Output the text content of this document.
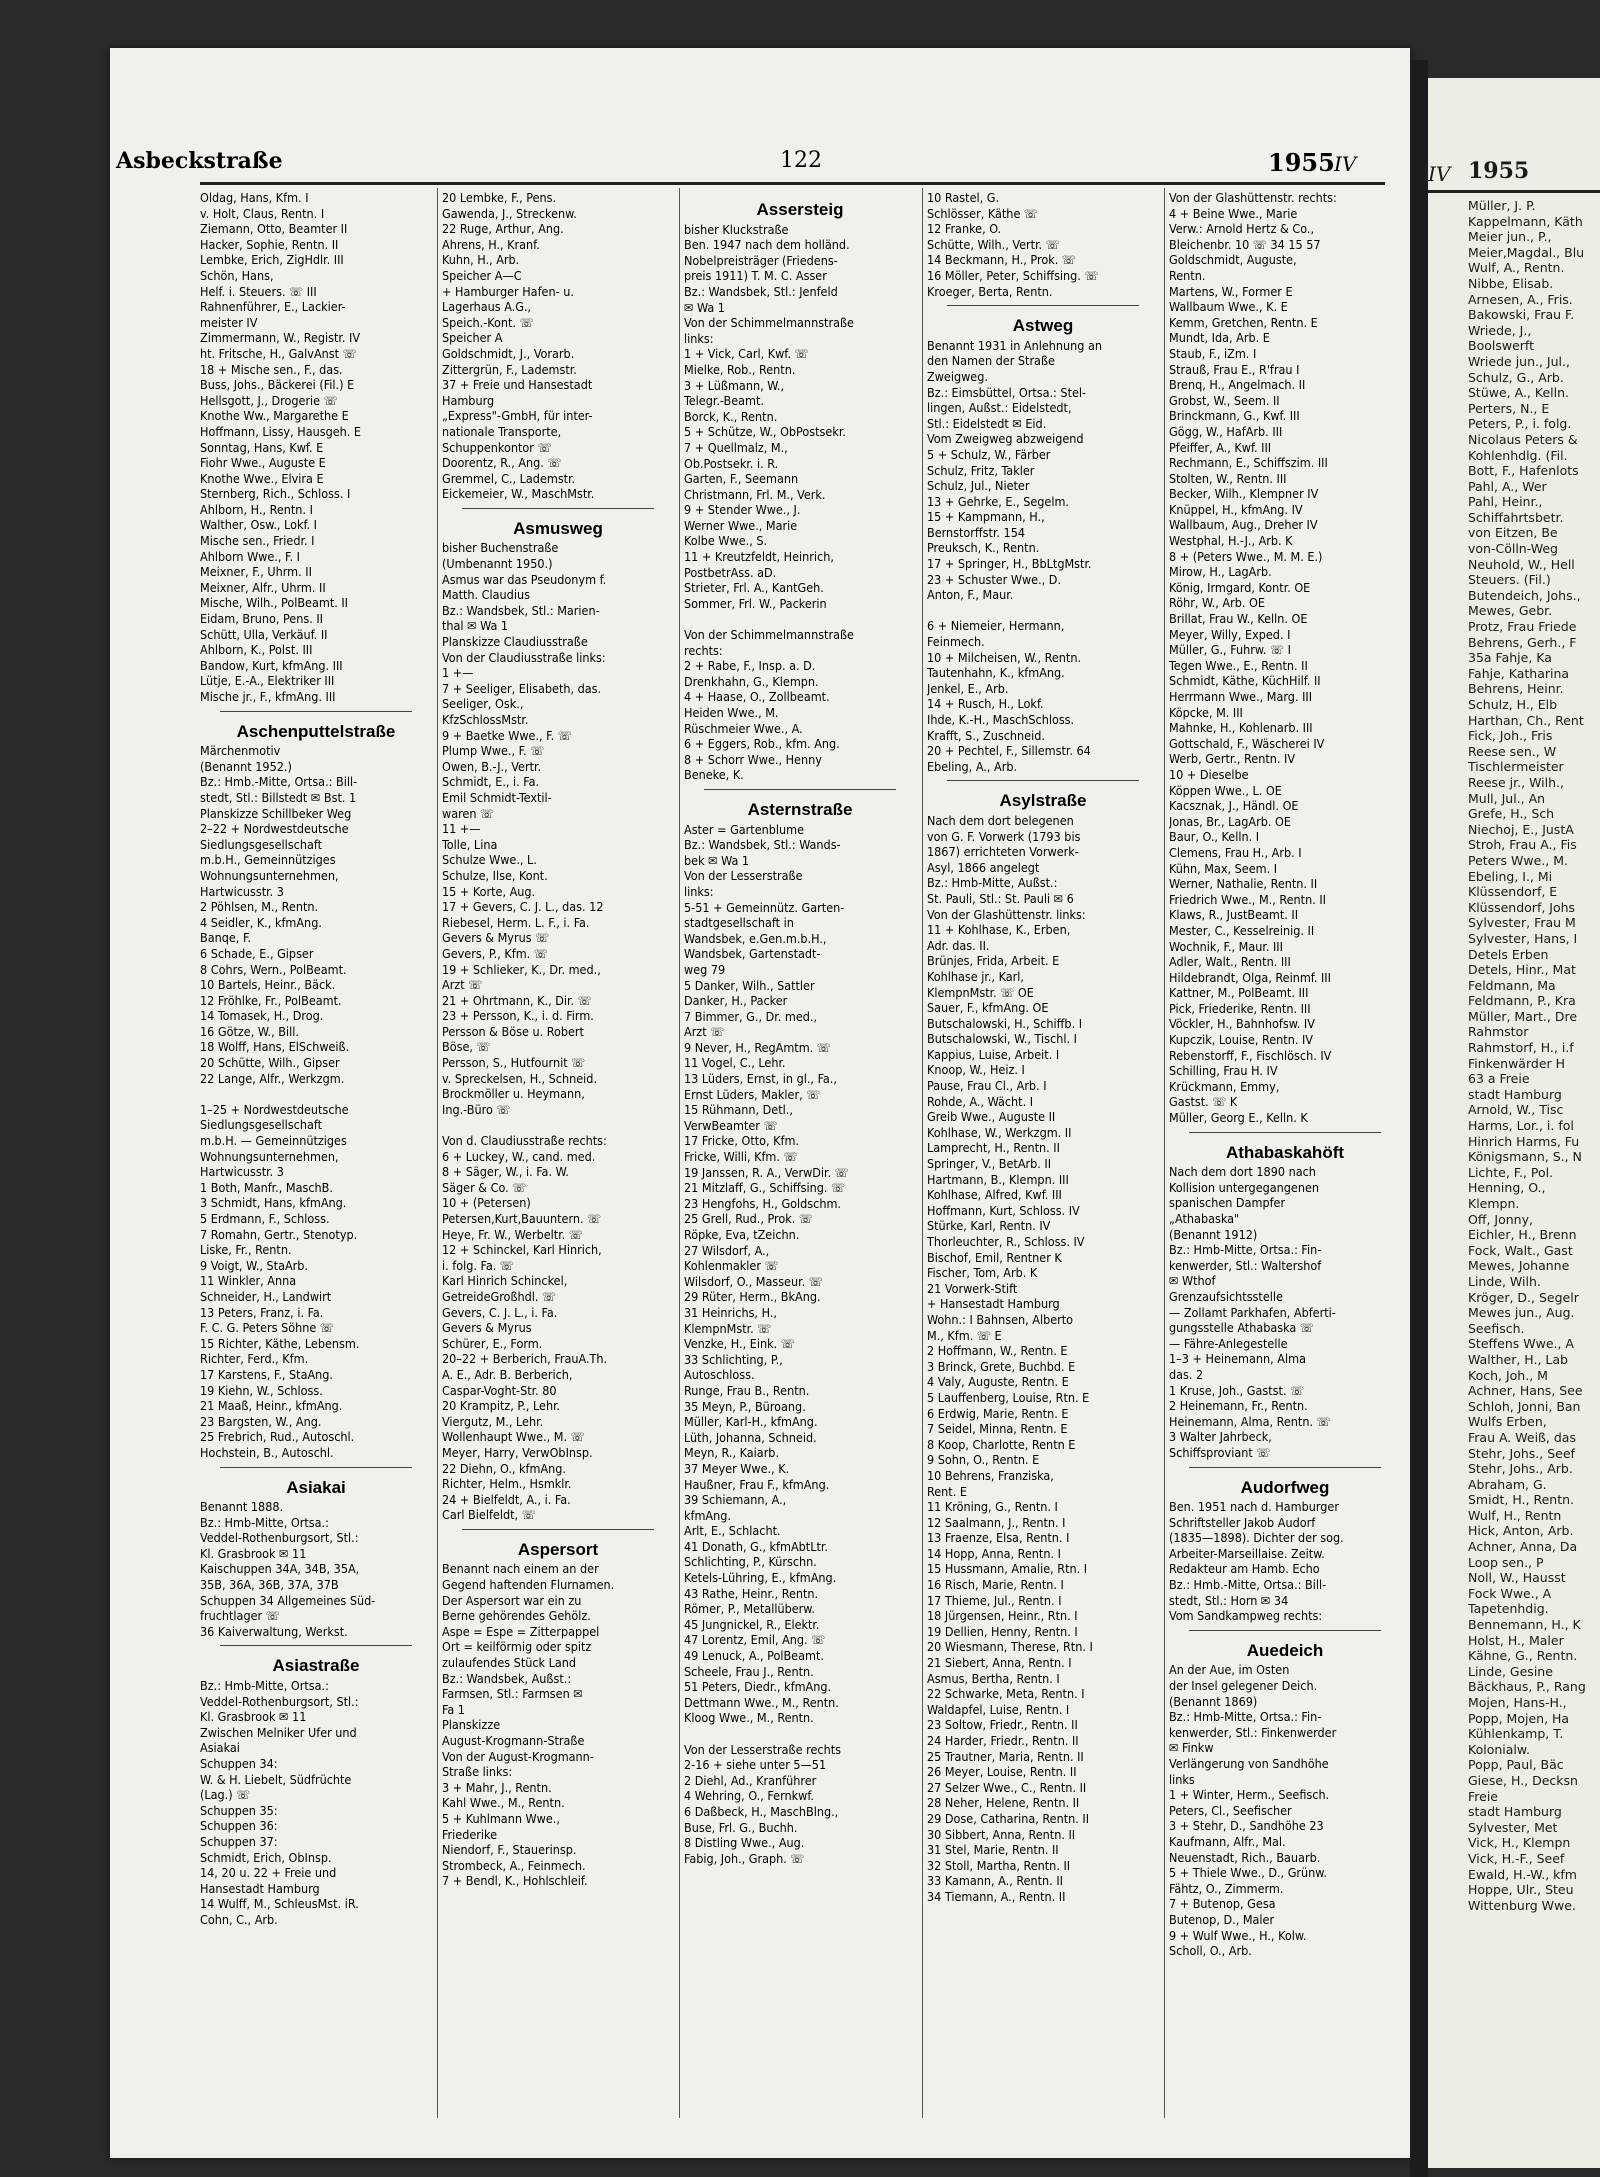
Asbeckstraße	122	1955 IV
Oldag, Hans, Kfm. I
v. Holt, Claus, Rentn. I
Ziemann, Otto, Beamter II
Hacker, Sophie, Rentn. II
Lembke, Erich, ZigHdlr. III
Schön, Hans,
Helf. i. Steuers. ☏ III
Rahnenführer, E., Lackier-
meister IV
Zimmermann, W., Registr. IV
ht. Fritsche, H., GalvAnst ☏
18 + Mische sen., F., das.
Buss, Johs., Bäckerei (Fil.) E
Hellsgott, J., Drogerie ☏
Knothe Ww., Margarethe E
Hoffmann, Lissy, Hausgeh. E
Sonntag, Hans, Kwf. E
Fiohr Wwe., Auguste E
Knothe Wwe., Elvira E
Sternberg, Rich., Schloss. I
Ahlborn, H., Rentn. I
Walther, Osw., Lokf. I
Mische sen., Friedr. I
Ahlborn Wwe., F. I
Meixner, F., Uhrm. II
Meixner, Alfr., Uhrm. II
Mische, Wilh., PolBeamt. II
Eidam, Bruno, Pens. II
Schütt, Ulla, Verkäuf. II
Ahlborn, K., Polst. III
Bandow, Kurt, kfmAng. III
Lütje, E.-A., Elektriker III
Mische jr., F., kfmAng. III
Aschenputtelstraße
Märchenmotiv
(Benannt 1952.)
Bz.: Hmb.-Mitte, Ortsa.: Bill-
stedt, Stl.: Billstedt ✉ Bst. 1
Planskizze Schillbeker Weg
2–22 + Nordwestdeutsche
Siedlungsgesellschaft
m.b.H., Gemeinnütziges
Wohnungsunternehmen,
Hartwicusstr. 3
2 Pöhlsen, M., Rentn.
4 Seidler, K., kfmAng.
Banqe, F.
6 Schade, E., Gipser
8 Cohrs, Wern., PolBeamt.
10 Bartels, Heinr., Bäck.
12 Fröhlke, Fr., PolBeamt.
14 Tomasek, H., Drog.
16 Götze, W., Bill.
18 Wolff, Hans, ElSchweiß.
20 Schütte, Wilh., Gipser
22 Lange, Alfr., Werkzgm.

1–25 + Nordwestdeutsche
Siedlungsgesellschaft
m.b.H. — Gemeinnütziges
Wohnungsunternehmen,
Hartwicusstr. 3
1 Both, Manfr., MaschB.
3 Schmidt, Hans, kfmAng.
5 Erdmann, F., Schloss.
7 Romahn, Gertr., Stenotyp.
Liske, Fr., Rentn.
9 Voigt, W., StaArb.
11 Winkler, Anna
Schneider, H., Landwirt
13 Peters, Franz, i. Fa.
F. C. G. Peters Söhne ☏
15 Richter, Käthe, Lebensm.
Richter, Ferd., Kfm.
17 Karstens, F., StaAng.
19 Kiehn, W., Schloss.
21 Maaß, Heinr., kfmAng.
23 Bargsten, W., Ang.
25 Frebrich, Rud., Autoschl.
Hochstein, B., Autoschl.
Asiakai
Benannt 1888.
Bz.: Hmb-Mitte, Ortsa.:
Veddel-Rothenburgsort, Stl.:
Kl. Grasbrook ✉ 11
Kaischuppen 34A, 34B, 35A,
35B, 36A, 36B, 37A, 37B
Schuppen 34 Allgemeines Süd-
fruchtlager ☏
36 Kaiverwaltung, Werkst.
Asiastraße
Bz.: Hmb-Mitte, Ortsa.:
Veddel-Rothenburgsort, Stl.:
Kl. Grasbrook ✉ 11
Zwischen Melniker Ufer und
Asiakai
Schuppen 34:
W. & H. Liebelt, Südfrüchte
(Lag.) ☏
Schuppen 35:
Schuppen 36:
Schuppen 37:
Schmidt, Erich, ObInsp.
14, 20 u. 22 + Freie und
Hansestadt Hamburg
14 Wulff, M., SchleusMst. iR.
Cohn, C., Arb.
20 Lembke, F., Pens.
Gawenda, J., Streckenw.
22 Ruge, Arthur, Ang.
Ahrens, H., Kranf.
Kuhn, H., Arb.
Speicher A—C
+ Hamburger Hafen- u.
Lagerhaus A.G.,
Speich.-Kont. ☏
Speicher A
Goldschmidt, J., Vorarb.
Zittergrün, F., Lademstr.
37 + Freie und Hansestadt
Hamburg
„Express"-GmbH, für inter-
nationale Transporte,
Schuppenkontor ☏
Doorentz, R., Ang. ☏
Gremmel, C., Lademstr.
Eickemeier, W., MaschMstr.
Asmusweg
bisher Buchenstraße
(Umbenannt 1950.)
Asmus war das Pseudonym f.
Matth. Claudius
Bz.: Wandsbek, Stl.: Marien-
thal ✉ Wa 1
Planskizze Claudiusstraße
Von der Claudiusstraße links:
1 +—
7 + Seeliger, Elisabeth, das.
Seeliger, Osk.,
KfzSchlossMstr.
9 + Baetke Wwe., F. ☏
Plump Wwe., F. ☏
Owen, B.-J., Vertr.
Schmidt, E., i. Fa.
Emil Schmidt-Textil-
waren ☏
11 +—
Tolle, Lina
Schulze Wwe., L.
Schulze, Ilse, Kont.
15 + Korte, Aug.
17 + Gevers, C. J. L., das. 12
Riebesel, Herm. L. F., i. Fa.
Gevers & Myrus ☏
Gevers, P., Kfm. ☏
19 + Schlieker, K., Dr. med.,
Arzt ☏
21 + Ohrtmann, K., Dir. ☏
23 + Persson, K., i. d. Firm.
Persson & Böse u. Robert
Böse, ☏
Persson, S., Hutfournit ☏
v. Spreckelsen, H., Schneid.
Brockmöller u. Heymann,
Ing.-Büro ☏

Von d. Claudiusstraße rechts:
6 + Luckey, W., cand. med.
8 + Säger, W., i. Fa. W.
Säger & Co. ☏
10 + (Petersen)
Petersen,Kurt,Bauuntern. ☏
Heye, Fr. W., Werbeltr. ☏
12 + Schinckel, Karl Hinrich,
i. folg. Fa. ☏
Karl Hinrich Schinckel,
GetreideGroßhdl. ☏
Gevers, C. J. L., i. Fa.
Gevers & Myrus
Schürer, E., Form.
20–22 + Berberich, FrauA.Th.
A. E., Adr. B. Berberich,
Caspar-Voght-Str. 80
20 Krampitz, P., Lehr.
Viergutz, M., Lehr.
Wollenhaupt Wwe., M. ☏
Meyer, Harry, VerwObInsp.
22 Diehn, O., kfmAng.
Richter, Helm., Hsmklr.
24 + Bielfeldt, A., i. Fa.
Carl Bielfeldt, ☏
Aspersort
Benannt nach einem an der
Gegend haftenden Flurnamen.
Der Aspersort war ein zu
Berne gehörendes Gehölz.
Aspe = Espe = Zitterpappel
Ort = keilförmig oder spitz
zulaufendes Stück Land
Bz.: Wandsbek, Außst.:
Farmsen, Stl.: Farmsen ✉
Fa 1
Planskizze
August-Krogmann-Straße
Von der August-Krogmann-
Straße links:
3 + Mahr, J., Rentn.
Kahl Wwe., M., Rentn.
5 + Kuhlmann Wwe.,
Friederike
Niendorf, F., Stauerinsp.
Strombeck, A., Feinmech.
7 + Bendl, K., Hohlschleif.
Assersteig
bisher Kluckstraße
Ben. 1947 nach dem holländ.
Nobelpreisträger (Friedens-
preis 1911) T. M. C. Asser
Bz.: Wandsbek, Stl.: Jenfeld
✉ Wa 1
Von der Schimmelmannstraße
links:
1 + Vick, Carl, Kwf. ☏
Mielke, Rob., Rentn.
3 + Lüßmann, W.,
Telegr.-Beamt.
Borck, K., Rentn.
5 + Schütze, W., ObPostsekr.
7 + Quellmalz, M.,
Ob.Postsekr. i. R.
Garten, F., Seemann
Christmann, Frl. M., Verk.
9 + Stender Wwe., J.
Werner Wwe., Marie
Kolbe Wwe., S.
11 + Kreutzfeldt, Heinrich,
PostbetrAss. aD.
Strieter, Frl. A., KantGeh.
Sommer, Frl. W., Packerin

Von der Schimmelmannstraße
rechts:
2 + Rabe, F., Insp. a. D.
Drenkhahn, G., Klempn.
4 + Haase, O., Zollbeamt.
Heiden Wwe., M.
Rüschmeier Wwe., A.
6 + Eggers, Rob., kfm. Ang.
8 + Schorr Wwe., Henny
Beneke, K.
Asternstraße
Aster = Gartenblume
Bz.: Wandsbek, Stl.: Wands-
bek ✉ Wa 1
Von der Lesserstraße
links:
5-51 + Gemeinnütz. Garten-
stadtgesellschaft in
Wandsbek, e.Gen.m.b.H.,
Wandsbek, Gartenstadt-
weg 79
5 Danker, Wilh., Sattler
Danker, H., Packer
7 Bimmer, G., Dr. med.,
Arzt ☏
9 Never, H., RegAmtm. ☏
11 Vogel, C., Lehr.
13 Lüders, Ernst, in gl., Fa.,
Ernst Lüders, Makler, ☏
15 Rühmann, Detl.,
VerwBeamter ☏
17 Fricke, Otto, Kfm.
Fricke, Willi, Kfm. ☏
19 Janssen, R. A., VerwDir. ☏
21 Mitzlaff, G., Schiffsing. ☏
23 Hengfohs, H., Goldschm.
25 Grell, Rud., Prok. ☏
Röpke, Eva, tZeichn.
27 Wilsdorf, A.,
Kohlenmakler ☏
Wilsdorf, O., Masseur. ☏
29 Rüter, Herm., BkAng.
31 Heinrichs, H.,
KlempnMstr. ☏
Venzke, H., Eink. ☏
33 Schlichting, P.,
Autoschloss.
Runge, Frau B., Rentn.
35 Meyn, P., Büroang.
Müller, Karl-H., kfmAng.
Lüth, Johanna, Schneid.
Meyn, R., Kaiarb.
37 Meyer Wwe., K.
Haußner, Frau F., kfmAng.
39 Schiemann, A.,
kfmAng.
Arlt, E., Schlacht.
41 Donath, G., kfmAbtLtr.
Schlichting, P., Kürschn.
Ketels-Lühring, E., kfmAng.
43 Rathe, Heinr., Rentn.
Römer, P., Metallüberw.
45 Jungnickel, R., Elektr.
47 Lorentz, Emil, Ang. ☏
49 Lenuck, A., PolBeamt.
Scheele, Frau J., Rentn.
51 Peters, Diedr., kfmAng.
Dettmann Wwe., M., Rentn.
Kloog Wwe., M., Rentn.

Von der Lesserstraße rechts
2-16 + siehe unter 5—51
2 Diehl, Ad., Kranführer
4 Wehring, O., Fernkwf.
6 Daßbeck, H., MaschBlng.,
Buse, Frl. G., Buchh.
8 Distling Wwe., Aug.
Fabig, Joh., Graph. ☏
10 Rastel, G.
Schlösser, Käthe ☏
12 Franke, O.
Schütte, Wilh., Vertr. ☏
14 Beckmann, H., Prok. ☏
16 Möller, Peter, Schiffsing. ☏
Kroeger, Berta, Rentn.
Astweg
Benannt 1931 in Anlehnung an
den Namen der Straße
Zweigweg.
Bz.: Eimsbüttel, Ortsa.: Stel-
lingen, Außst.: Eidelstedt,
Stl.: Eidelstedt ✉ Eid.
Vom Zweigweg abzweigend
5 + Schulz, W., Färber
Schulz, Fritz, Takler
Schulz, Jul., Nieter
13 + Gehrke, E., Segelm.
15 + Kampmann, H.,
Bernstorffstr. 154
Preuksch, K., Rentn.
17 + Springer, H., BbLtgMstr.
23 + Schuster Wwe., D.
Anton, F., Maur.

6 + Niemeier, Hermann,
Feinmech.
10 + Milcheisen, W., Rentn.
Tautenhahn, K., kfmAng.
Jenkel, E., Arb.
14 + Rusch, H., Lokf.
Ihde, K.-H., MaschSchloss.
Krafft, S., Zuschneid.
20 + Pechtel, F., Sillemstr. 64
Ebeling, A., Arb.
Asylstraße
Nach dem dort belegenen
von G. F. Vorwerk (1793 bis
1867) errichteten Vorwerk-
Asyl, 1866 angelegt
Bz.: Hmb-Mitte, Außst.:
St. Pauli, Stl.: St. Pauli ✉ 6
Von der Glashüttenstr. links:
11 + Kohlhase, K., Erben,
Adr. das. II.
Brünjes, Frida, Arbeit. E
Kohlhase jr., Karl,
KlempnMstr. ☏ OE
Sauer, F., kfmAng. OE
Butschalowski, H., Schiffb. I
Butschalowski, W., Tischl. I
Kappius, Luise, Arbeit. I
Knoop, W., Heiz. I
Pause, Frau Cl., Arb. I
Rohde, A., Wächt. I
Greib Wwe., Auguste II
Kohlhase, W., Werkzgm. II
Lamprecht, H., Rentn. II
Springer, V., BetArb. II
Hartmann, B., Klempn. III
Kohlhase, Alfred, Kwf. III
Hoffmann, Kurt, Schloss. IV
Stürke, Karl, Rentn. IV
Thorleuchter, R., Schloss. IV
Bischof, Emil, Rentner K
Fischer, Tom, Arb. K
21 Vorwerk-Stift
+ Hansestadt Hamburg
Wohn.: I Bahnsen, Alberto
M., Kfm. ☏ E
2 Hoffmann, W., Rentn. E
3 Brinck, Grete, Buchbd. E
4 Valy, Auguste, Rentn. E
5 Lauffenberg, Louise, Rtn. E
6 Erdwig, Marie, Rentn. E
7 Seidel, Minna, Rentn. E
8 Koop, Charlotte, Rentn E
9 Sohn, O., Rentn. E
10 Behrens, Franziska,
Rent. E
11 Kröning, G., Rentn. I
12 Saalmann, J., Rentn. I
13 Fraenze, Elsa, Rentn. I
14 Hopp, Anna, Rentn. I
15 Hussmann, Amalie, Rtn. I
16 Risch, Marie, Rentn. I
17 Thieme, Jul., Rentn. I
18 Jürgensen, Heinr., Rtn. I
19 Dellien, Henny, Rentn. I
20 Wiesmann, Therese, Rtn. I
21 Siebert, Anna, Rentn. I
Asmus, Bertha, Rentn. I
22 Schwarke, Meta, Rentn. I
Waldapfel, Luise, Rentn. I
23 Soltow, Friedr., Rentn. II
24 Harder, Friedr., Rentn. II
25 Trautner, Maria, Rentn. II
26 Meyer, Louise, Rentn. II
27 Selzer Wwe., C., Rentn. II
28 Neher, Helene, Rentn. II
29 Dose, Catharina, Rentn. II
30 Sibbert, Anna, Rentn. II
31 Stel, Marie, Rentn. II
32 Stoll, Martha, Rentn. II
33 Kamann, A., Rentn. II
34 Tiemann, A., Rentn. II
Von der Glashüttenstr. rechts:
4 + Beine Wwe., Marie
Verw.: Arnold Hertz & Co.,
Bleichenbr. 10 ☏ 34 15 57
Goldschmidt, Auguste,
Rentn.
Martens, W., Former E
Wallbaum Wwe., K. E
Kemm, Gretchen, Rentn. E
Mundt, Ida, Arb. E
Staub, F., iZm. I
Strauß, Frau E., R'frau I
Brenq, H., Angelmach. II
Grobst, W., Seem. II
Brinckmann, G., Kwf. III
Gögg, W., HafArb. III
Pfeiffer, A., Kwf. III
Rechmann, E., Schiffszim. III
Stolten, W., Rentn. III
Becker, Wilh., Klempner IV
Knüppel, H., kfmAng. IV
Wallbaum, Aug., Dreher IV
Westphal, H.-J., Arb. K
8 + (Peters Wwe., M. M. E.)
Mirow, H., LagArb.
König, Irmgard, Kontr. OE
Röhr, W., Arb. OE
Brillat, Frau W., Kelln. OE
Meyer, Willy, Exped. I
Müller, G., Fuhrw. ☏ I
Tegen Wwe., E., Rentn. II
Schmidt, Käthe, KüchHilf. II
Herrmann Wwe., Marg. III
Köpcke, M. III
Mahnke, H., Kohlenarb. III
Gottschald, F., Wäscherei IV
Werb, Gertr., Rentn. IV
10 + Dieselbe
Köppen Wwe., L. OE
Kacsznak, J., Händl. OE
Jonas, Br., LagArb. OE
Baur, O., Kelln. I
Clemens, Frau H., Arb. I
Kühn, Max, Seem. I
Werner, Nathalie, Rentn. II
Friedrich Wwe., M., Rentn. II
Klaws, R., JustBeamt. II
Mester, C., Kesselreinig. II
Wochnik, F., Maur. III
Adler, Walt., Rentn. III
Hildebrandt, Olga, Reinmf. III
Kattner, M., PolBeamt. III
Pick, Friederike, Rentn. III
Vöckler, H., Bahnhofsw. IV
Kupczik, Louise, Rentn. IV
Rebenstorff, F., Fischlösch. IV
Schilling, Frau H. IV
Krückmann, Emmy,
Gastst. ☏ K
Müller, Georg E., Kelln. K
Athabaskahöft
Nach dem dort 1890 nach
Kollision untergegangenen
spanischen Dampfer
„Athabaska"
(Benannt 1912)
Bz.: Hmb-Mitte, Ortsa.: Fin-
kenwerder, Stl.: Waltershof
✉ Wthof
Grenzaufsichtsstelle
— Zollamt Parkhafen, Abferti-
gungsstelle Athabaska ☏
— Fähre-Anlegestelle
1–3 + Heinemann, Alma
das. 2
1 Kruse, Joh., Gastst. ☏
2 Heinemann, Fr., Rentn.
Heinemann, Alma, Rentn. ☏
3 Walter Jahrbeck,
Schiffsproviant ☏
Audorfweg
Ben. 1951 nach d. Hamburger
Schriftsteller Jakob Audorf
(1835—1898). Dichter der sog.
Arbeiter-Marseillaise. Zeitw.
Redakteur am Hamb. Echo
Bz.: Hmb.-Mitte, Ortsa.: Bill-
stedt, Stl.: Horn ✉ 34
Vom Sandkampweg rechts:
Auedeich
An der Aue, im Osten
der Insel gelegener Deich.
(Benannt 1869)
Bz.: Hmb-Mitte, Ortsa.: Fin-
kenwerder, Stl.: Finkenwerder
✉ Finkw
Verlängerung von Sandhöhe
links
1 + Winter, Herm., Seefisch.
Peters, Cl., Seefischer
3 + Stehr, D., Sandhöhe 23
Kaufmann, Alfr., Mal.
Neuenstadt, Rich., Bauarb.
5 + Thiele Wwe., D., Grünw.
Fähtz, O., Zimmerm.
7 + Butenop, Gesa
Butenop, D., Maler
9 + Wulf Wwe., H., Kolw.
Scholl, O., Arb.
IV 1955
Müller, J. P.
Kappelmann, Käth
Meier jun., P.,
Meier,Magdal., Blu
Wulf, A., Rentn.
Nibbe, Elisab.
Arnesen, A., Fris.
Bakowski, Frau F.
Wriede, J.,
Boolswerft
Wriede jun., Jul.,
Schulz, G., Arb.
Stüwe, A., Kelln.
Perters, N., E
Peters, P., i. folg.
Nicolaus Peters &
Kohlenhdlg. (Fil.
Bott, F., Hafenlots
Pahl, A., Wer
Pahl, Heinr.,
Schiffahrtsbetr.
von Eitzen, Be
von-Cölln-Weg
Neuhold, W., Hell
Steuers. (Fil.)
Butendeich, Johs.,
Mewes, Gebr.
Protz, Frau Friede
Behrens, Gerh., F
35a Fahje, Ka
Fahje, Katharina
Behrens, Heinr.
Schulz, H., Elb
Harthan, Ch., Rent
Fick, Joh., Fris
Reese sen., W
Tischlermeister
Reese jr., Wilh.,
Mull, Jul., An
Grefe, H., Sch
Niechoj, E., JustA
Stroh, Frau A., Fis
Peters Wwe., M.
Ebeling, I., Mi
Klüssendorf, E
Klüssendorf, Johs
Sylvester, Frau M
Sylvester, Hans, I
Detels Erben
Detels, Hinr., Mat
Feldmann, Ma
Feldmann, P., Kra
Müller, Mart., Dre
Rahmstor
Rahmstorf, H., i.f
Finkenwärder H
63 a Freie
stadt Hamburg
Arnold, W., Tisc
Harms, Lor., i. fol
Hinrich Harms, Fu
Königsmann, S., N
Lichte, F., Pol.
Henning, O.,
Klempn.
Off, Jonny,
Eichler, H., Brenn
Fock, Walt., Gast
Mewes, Johanne
Linde, Wilh.
Kröger, D., Segelr
Mewes jun., Aug.
Seefisch.
Steffens Wwe., A
Walther, H., Lab
Koch, Joh., M
Achner, Hans, See
Schloh, Jonni, Ban
Wulfs Erben,
Frau A. Weiß, das
Stehr, Johs., Seef
Stehr, Johs., Arb.
Abraham, G.
Smidt, H., Rentn.
Wulf, H., Rentn
Hick, Anton, Arb.
Achner, Anna, Da
Loop sen., P
Noll, W., Hausst
Fock Wwe., A
Tapetenhdig.
Bennemann, H., K
Holst, H., Maler
Kähne, G., Rentn.
Linde, Gesine
Bäckhaus, P., Rang
Mojen, Hans-H.,
Popp, Mojen, Ha
Kühlenkamp, T.
Kolonialw.
Popp, Paul, Bäc
Giese, H., Decksn
Freie
stadt Hamburg
Sylvester, Met
Vick, H., Klempn
Vick, H.-F., Seef
Ewald, H.-W., kfm
Hoppe, Ulr., Steu
Wittenburg Wwe.
